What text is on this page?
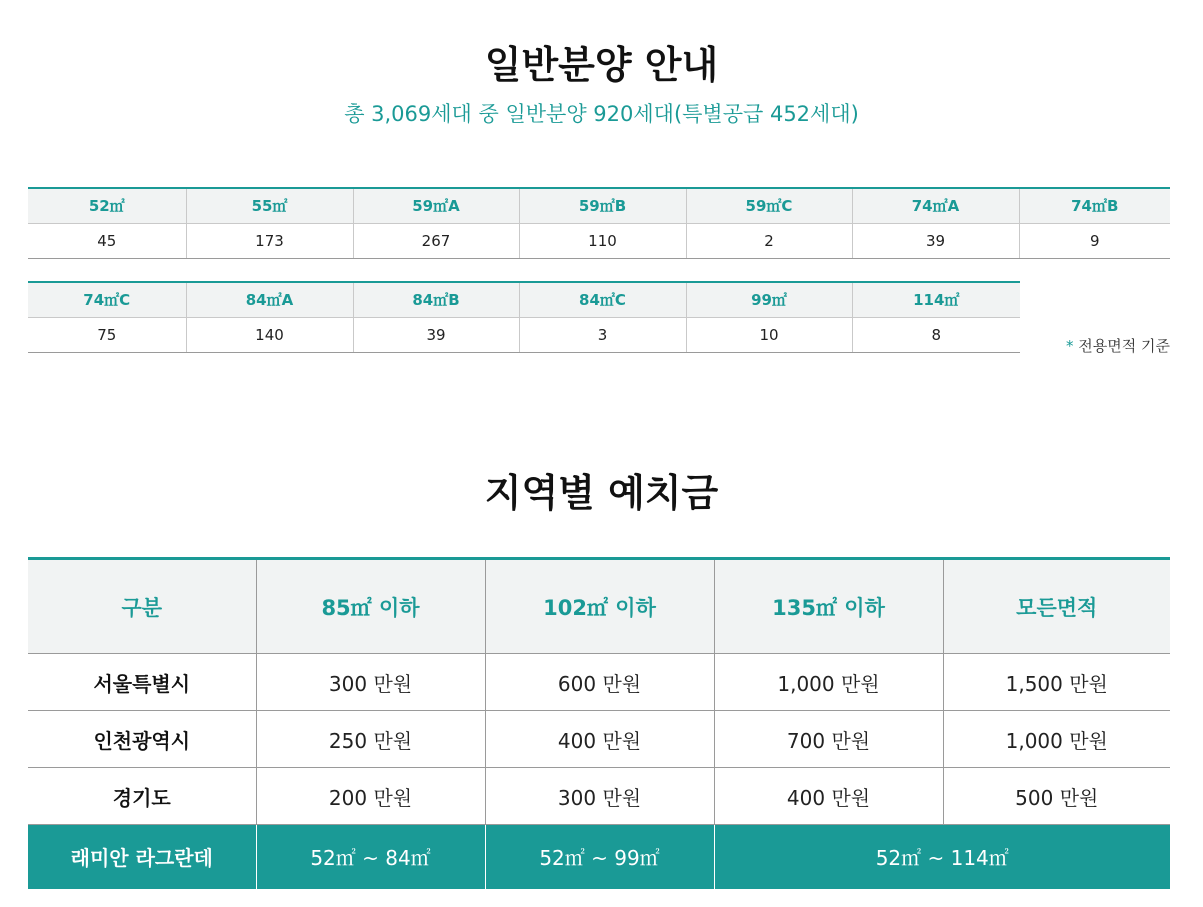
일반분양 안내
총 3,069세대 중 일반분양 920세대(특별공급 452세대)
52㎡	55㎡	59㎡A	59㎡B	59㎡C	74㎡A	74㎡B
45	173	267	110	2	39	9
74㎡C	84㎡A	84㎡B	84㎡C	99㎡	114㎡
75	140	39	3	10	8
* 전용면적 기준
지역별 예치금
구분	85㎡ 이하	102㎡ 이하	135㎡ 이하	모든면적
서울특별시	300 만원	600 만원	1,000 만원	1,500 만원
인천광역시	250 만원	400 만원	700 만원	1,000 만원
경기도	200 만원	300 만원	400 만원	500 만원
래미안 라그란데	52㎡ ~ 84㎡	52㎡ ~ 99㎡	52㎡ ~ 114㎡	
